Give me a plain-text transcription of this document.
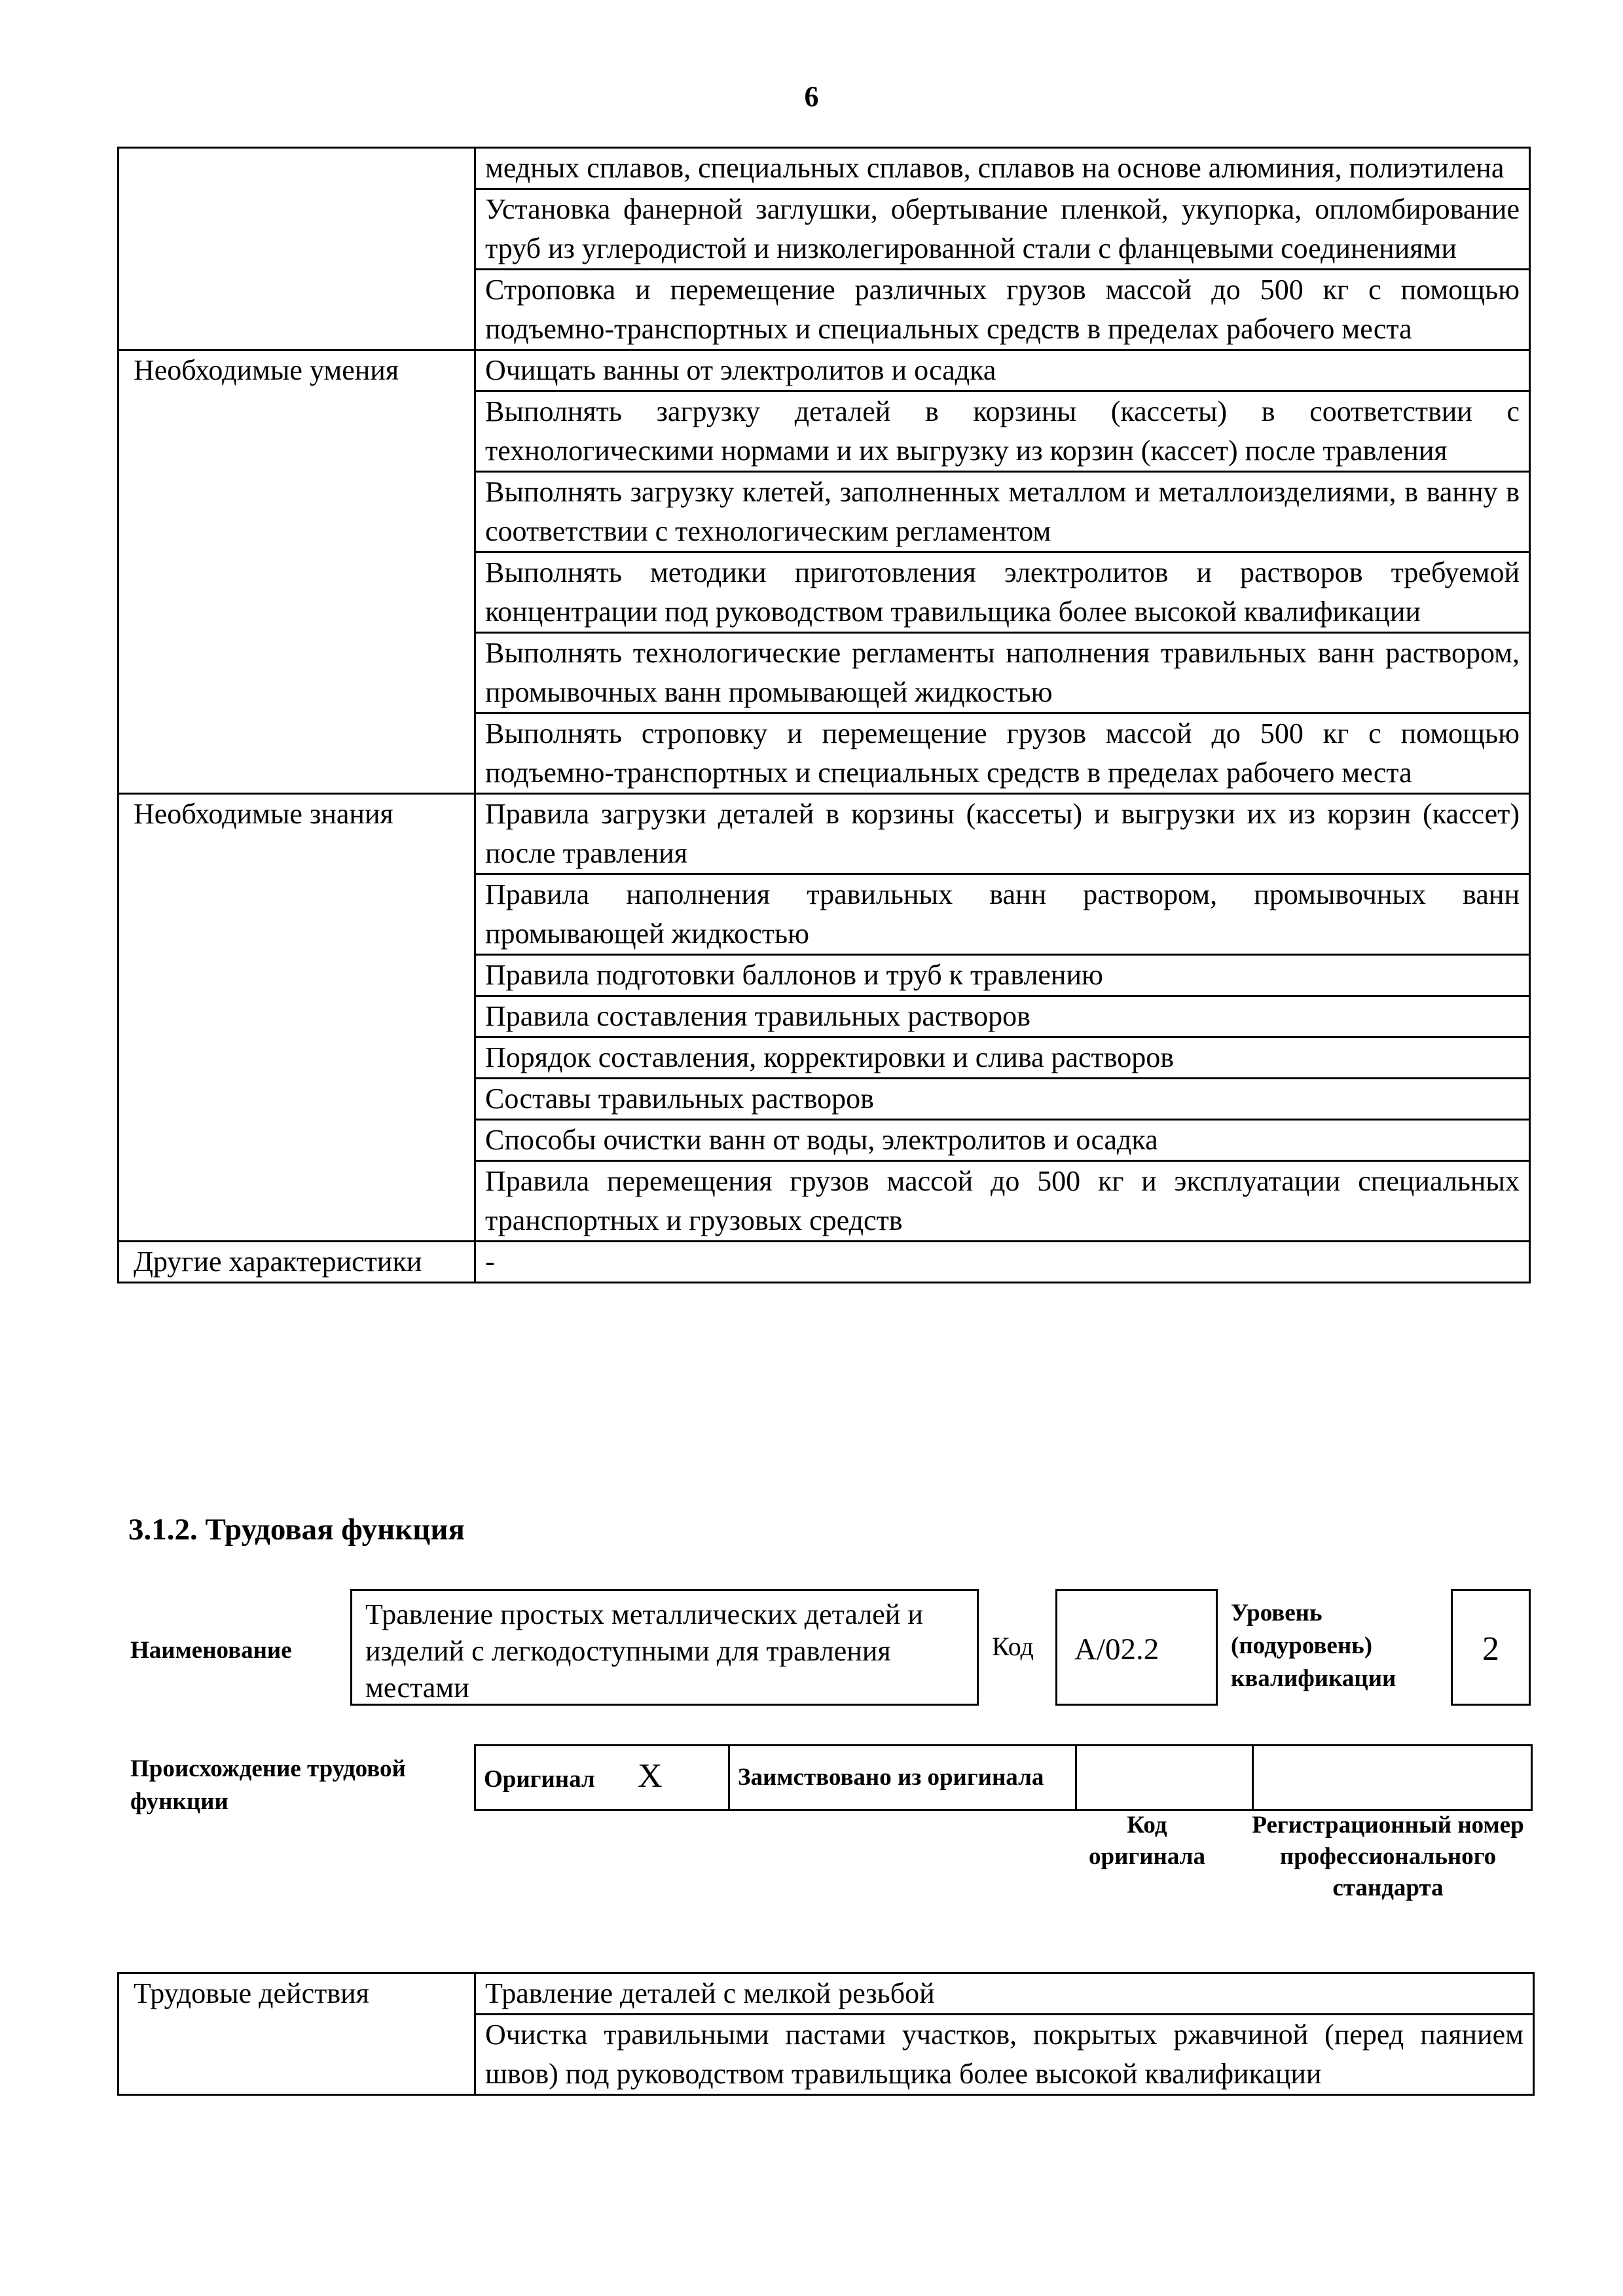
6
	медных сплавов, специальных сплавов, сплавов на основе алюминия, полиэтилена
	Установка фанерной заглушки, обертывание пленкой, укупорка, опломбирование труб из углеродистой и низколегированной стали с фланцевыми соединениями
	Строповка и перемещение различных грузов массой до 500 кг с помощью подъемно-транспортных и специальных средств в пределах рабочего места
Необходимые умения	Очищать ванны от электролитов и осадка
	Выполнять загрузку деталей в корзины (кассеты) в соответствии с технологическими нормами и их выгрузку из корзин (кассет) после травления
	Выполнять загрузку клетей, заполненных металлом и металлоизделиями, в ванну в соответствии с технологическим регламентом
	Выполнять методики приготовления электролитов и растворов требуемой концентрации под руководством травильщика более высокой квалификации
	Выполнять технологические регламенты наполнения травильных ванн раствором, промывочных ванн промывающей жидкостью
	Выполнять строповку и перемещение грузов массой до 500 кг с помощью подъемно-транспортных и специальных средств в пределах рабочего места
Необходимые знания	Правила загрузки деталей в корзины (кассеты) и выгрузки их из корзин (кассет) после травления
	Правила наполнения травильных ванн раствором, промывочных ванн промывающей жидкостью
	Правила подготовки баллонов и труб к травлению
	Правила составления травильных растворов
	Порядок составления, корректировки и слива растворов
	Составы травильных растворов
	Способы очистки ванн от воды, электролитов и осадка
	Правила перемещения грузов массой до 500 кг и эксплуатации специальных транспортных и грузовых средств
Другие характеристики	-
3.1.2. Трудовая функция
Наименование
Травление простых металлических деталей и изделий с легкодоступными для травления местами
Код	A/02.2
Уровень (подуровень) квалификации
2
Происхождение трудовой функции
Оригинал X	Заимствовано из оригинала		
Код оригинала
Регистрационный номер профессионального стандарта
Трудовые действия	Травление деталей с мелкой резьбой
Очистка травильными пастами участков, покрытых ржавчиной (перед паянием швов) под руководством травильщика более высокой квалификации
